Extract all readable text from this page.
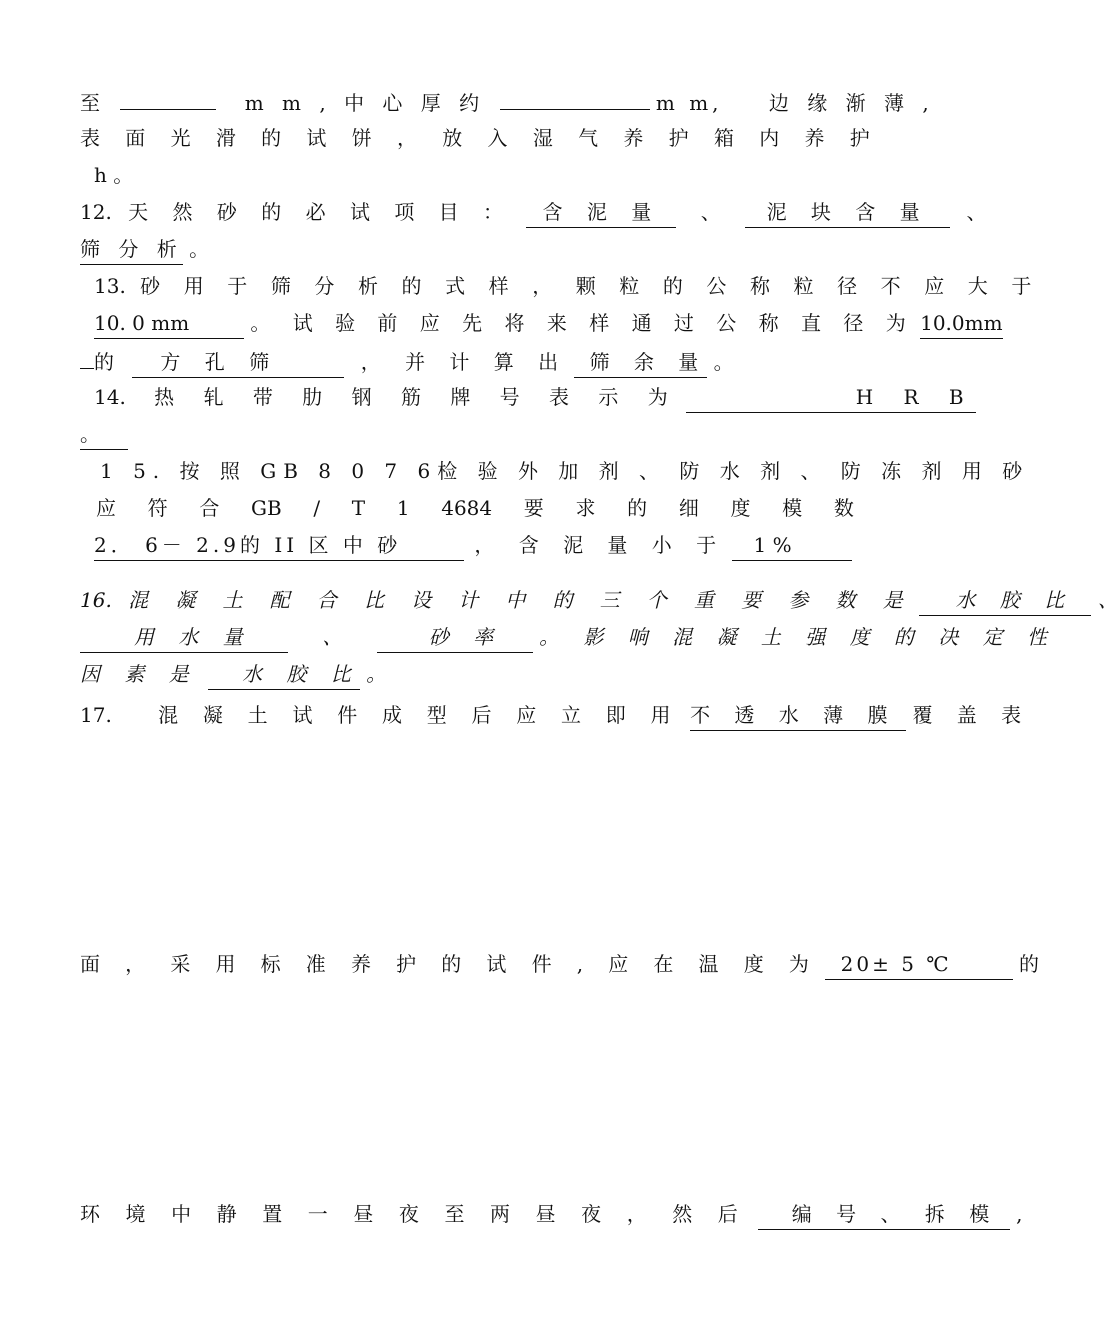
至	m m , 中 心 厚 约	m m, 边 缘 渐 薄 ,
表 面 光 滑 的 试 饼 ， 放 入 湿 气 养 护 箱 内 养 护
h 。
12. 天 然 砂 的 必 试 项 目 ： 含 泥 量 、 泥 块 含 量 、
筛 分 析 。
13. 砂 用 于 筛 分 析 的 式 样 ， 颗 粒 的 公 称 粒 径 不 应 大 于
10. 0 mm	。 试 验 前 应 先 将 来 样 通 过 公 称 直 径 为 10.0mm
的 方 孔 筛	， 并 计 算 出 筛 余 量 。
14. 热 轧 带 肋 钢 筋 牌 号 表 示 为	H R B
。
1 5. 按 照 GB 8 0 7 6检 验 外 加 剂 、 防 水 剂 、 防 冻 剂 用 砂
应 符 合 GB / T 1 4684 要 求 的 细 度 模 数
2． 6－ 2.9的 II 区 中 砂	， 含 泥 量 小 于 1 %
16. 混 凝 土 配 合 比 设 计 中 的 三 个 重 要 参 数 是 水 胶 比 、
用 水 量	、	砂 率 。 影 响 混 凝 土 强 度 的 决 定 性
因 素 是 水 胶 比 。
17. 混 凝 土 试 件 成 型 后 应 立 即 用 不 透 水 薄 膜 覆 盖 表
面 ， 采 用 标 准 养 护 的 试 件 , 应 在 温 度 为 20± 5 ℃	的
环 境 中 静 置 一 昼 夜 至 两 昼 夜 ， 然 后 编 号 、 拆 模 ,
